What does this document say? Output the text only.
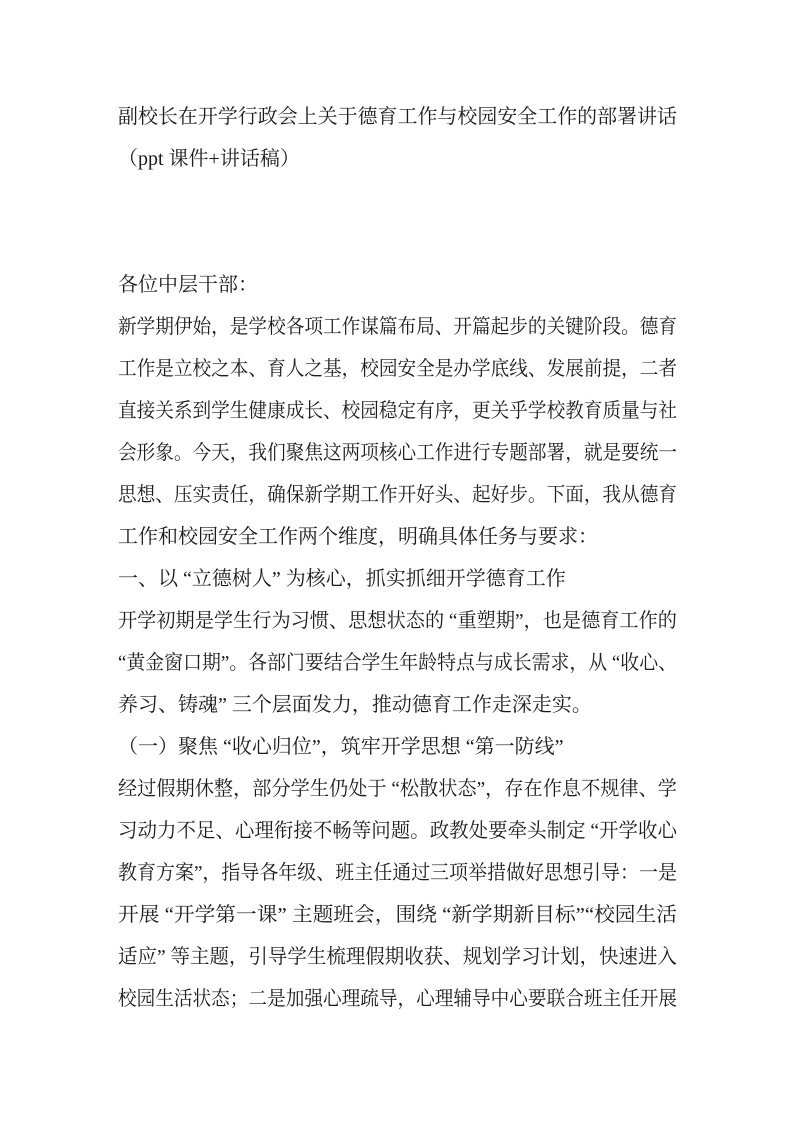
副校长在开学行政会上关于德育工作与校园安全工作的部署讲话
（ppt 课件+讲话稿）
各位中层干部：
新学期伊始，是学校各项工作谋篇布局、开篇起步的关键阶段。德育
工作是立校之本、育人之基，校园安全是办学底线、发展前提，二者
直接关系到学生健康成长、校园稳定有序，更关乎学校教育质量与社
会形象。今天，我们聚焦这两项核心工作进行专题部署，就是要统一
思想、压实责任，确保新学期工作开好头、起好步。下面，我从德育
工作和校园安全工作两个维度，明确具体任务与要求：
一、以 “立德树人” 为核心，抓实抓细开学德育工作
开学初期是学生行为习惯、思想状态的 “重塑期”，也是德育工作的
“黄金窗口期”。各部门要结合学生年龄特点与成长需求，从 “收心、
养习、铸魂” 三个层面发力，推动德育工作走深走实。
（一）聚焦 “收心归位”，筑牢开学思想 “第一防线”
经过假期休整，部分学生仍处于 “松散状态”，存在作息不规律、学
习动力不足、心理衔接不畅等问题。政教处要牵头制定 “开学收心
教育方案”，指导各年级、班主任通过三项举措做好思想引导：一是
开展 “开学第一课” 主题班会，围绕 “新学期新目标”“校园生活
适应” 等主题，引导学生梳理假期收获、规划学习计划，快速进入
校园生活状态；二是加强心理疏导，心理辅导中心要联合班主任开展
